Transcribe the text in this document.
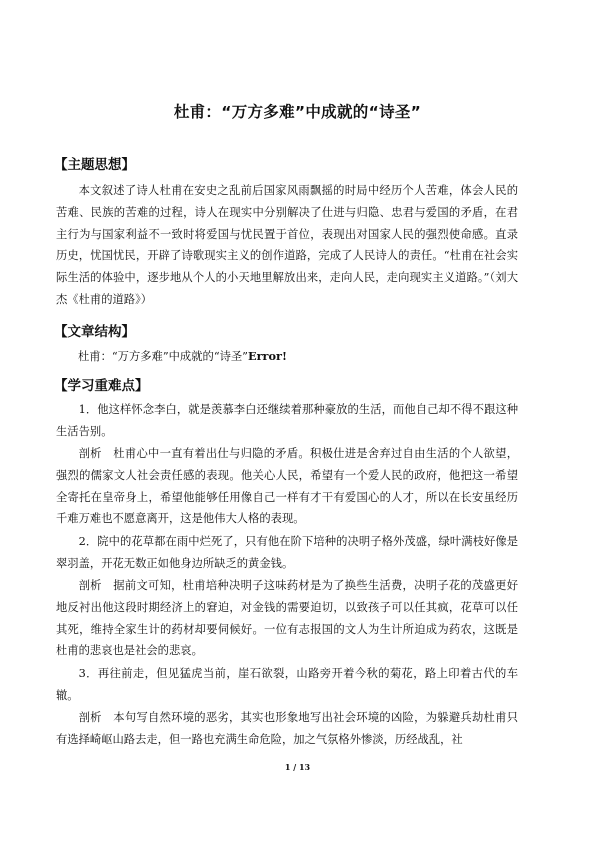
杜甫：“万方多难”中成就的“诗圣”
【主题思想】
本文叙述了诗人杜甫在安史之乱前后国家风雨飘摇的时局中经历个人苦难，体会人民的苦难、民族的苦难的过程，诗人在现实中分别解决了仕进与归隐、忠君与爱国的矛盾，在君主行为与国家利益不一致时将爱国与忧民置于首位，表现出对国家人民的强烈使命感。直录历史，忧国忧民，开辟了诗歌现实主义的创作道路，完成了人民诗人的责任。“杜甫在社会实际生活的体验中，逐步地从个人的小天地里解放出来，走向人民，走向现实主义道路。”（刘大杰《杜甫的道路》）
【文章结构】
杜甫：“万方多难”中成就的“诗圣”Error!
【学习重难点】
1．他这样怀念李白，就是羡慕李白还继续着那种豪放的生活，而他自己却不得不跟这种生活告别。
剖析　杜甫心中一直有着出仕与归隐的矛盾。积极仕进是舍弃过自由生活的个人欲望，强烈的儒家文人社会责任感的表现。他关心人民，希望有一个爱人民的政府，他把这一希望全寄托在皇帝身上，希望他能够任用像自己一样有才干有爱国心的人才，所以在长安虽经历千难万难也不愿意离开，这是他伟大人格的表现。
2．院中的花草都在雨中烂死了，只有他在阶下培种的决明子格外茂盛，绿叶满枝好像是翠羽盖，开花无数正如他身边所缺乏的黄金钱。
剖析　据前文可知，杜甫培种决明子这味药材是为了换些生活费，决明子花的茂盛更好地反衬出他这段时期经济上的窘迫，对金钱的需要迫切，以致孩子可以任其疯，花草可以任其死，维持全家生计的药材却要伺候好。一位有志报国的文人为生计所迫成为药农，这既是杜甫的悲哀也是社会的悲哀。
3．再往前走，但见猛虎当前，崖石欲裂，山路旁开着今秋的菊花，路上印着古代的车辙。
剖析　本句写自然环境的恶劣，其实也形象地写出社会环境的凶险，为躲避兵劫杜甫只有选择崎岖山路去走，但一路也充满生命危险，加之气氛格外惨淡，历经战乱，社
1 / 13
